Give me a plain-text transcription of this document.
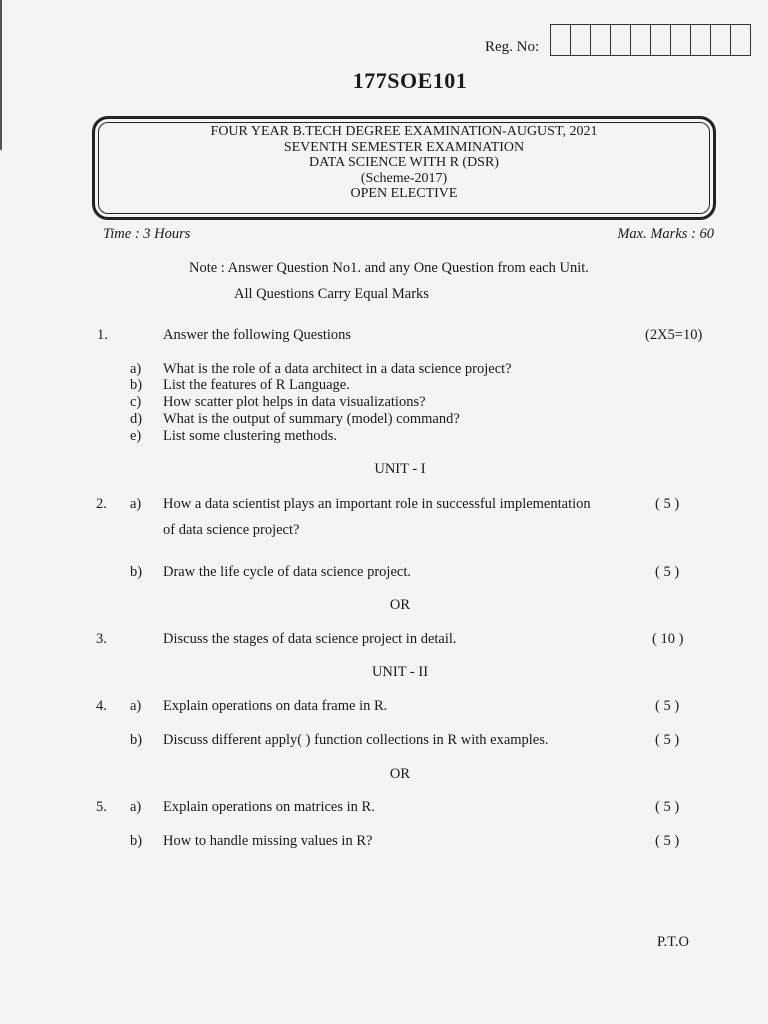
Reg. No:
177SOE101
FOUR YEAR B.TECH DEGREE EXAMINATION-AUGUST, 2021
SEVENTH SEMESTER EXAMINATION
DATA SCIENCE WITH R (DSR)
(Scheme-2017)
OPEN ELECTIVE
Time : 3 Hours	Max. Marks : 60
Note : Answer Question No1. and any One Question from each Unit.
All Questions Carry Equal Marks
1.	Answer the following Questions	(2X5=10)
a) What is the role of a data architect in a data science project?
b) List the features of R Language.
c) How scatter plot helps in data visualizations?
d) What is the output of summary (model) command?
e) List some clustering methods.
UNIT - I
2. a) How a data scientist plays an important role in successful implementation	( 5 )
of data science project?
b) Draw the life cycle of data science project.	( 5 )
OR
3.	Discuss the stages of data science project in detail.	( 10 )
UNIT - II
4. a) Explain operations on data frame in R.	( 5 )
b) Discuss different apply( ) function collections in R with examples.	( 5 )
OR
5. a) Explain operations on matrices in R.	( 5 )
b) How to handle missing values in R?	( 5 )
P.T.O
